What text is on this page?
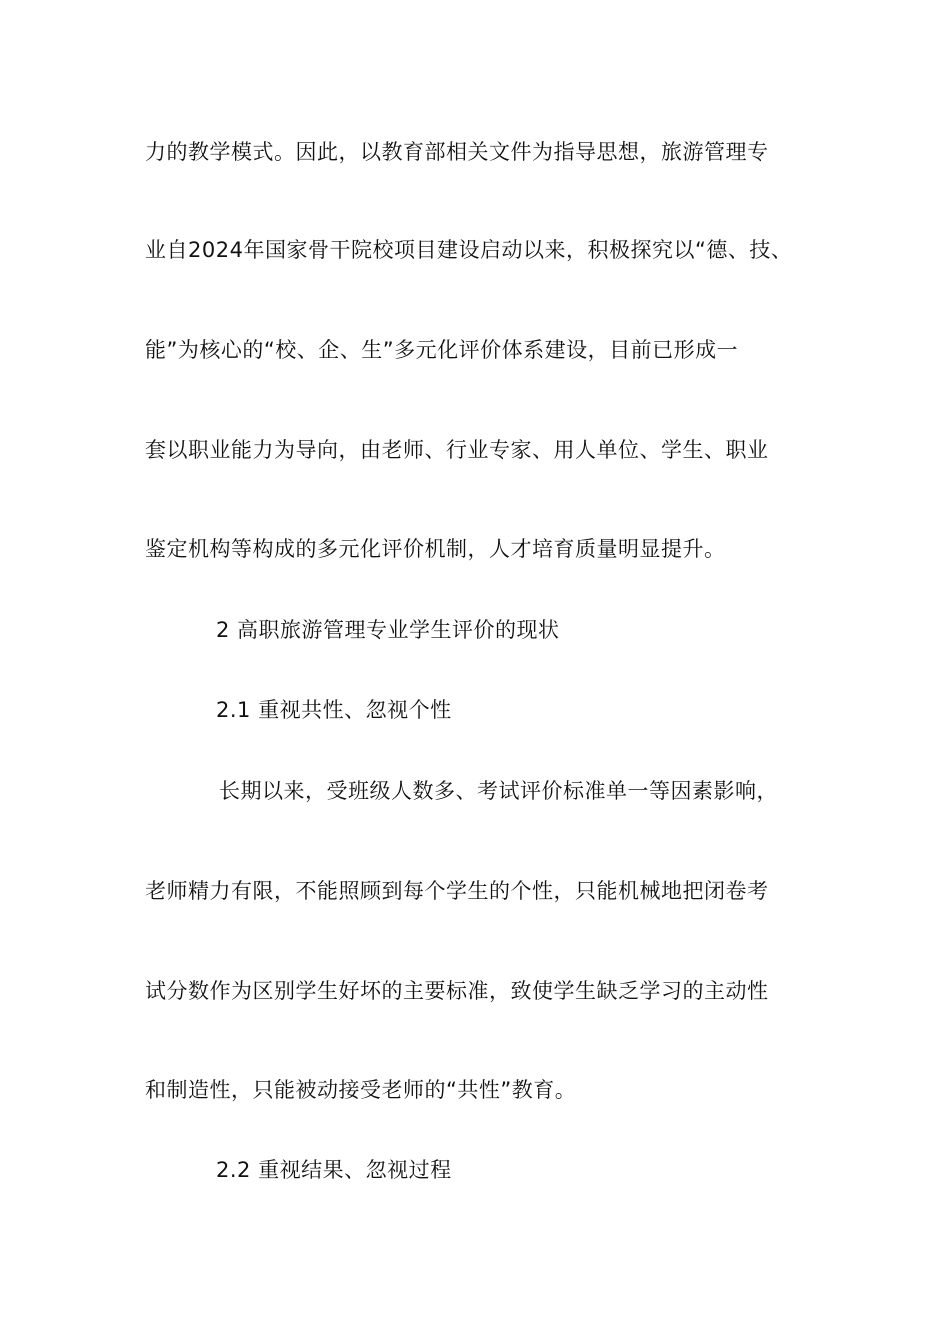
力的教学模式。因此，以教育部相关文件为指导思想，旅游管理专
业自2024年国家骨干院校项目建设启动以来，积极探究以“德、技、
能”为核心的“校、企、生”多元化评价体系建设，目前已形成一
套以职业能力为导向，由老师、行业专家、用人单位、学生、职业
鉴定机构等构成的多元化评价机制，人才培育质量明显提升。
2 高职旅游管理专业学生评价的现状
2.1 重视共性、忽视个性
长期以来，受班级人数多、考试评价标准单一等因素影响，
老师精力有限，不能照顾到每个学生的个性，只能机械地把闭卷考
试分数作为区别学生好坏的主要标准，致使学生缺乏学习的主动性
和制造性，只能被动接受老师的“共性”教育。
2.2 重视结果、忽视过程
